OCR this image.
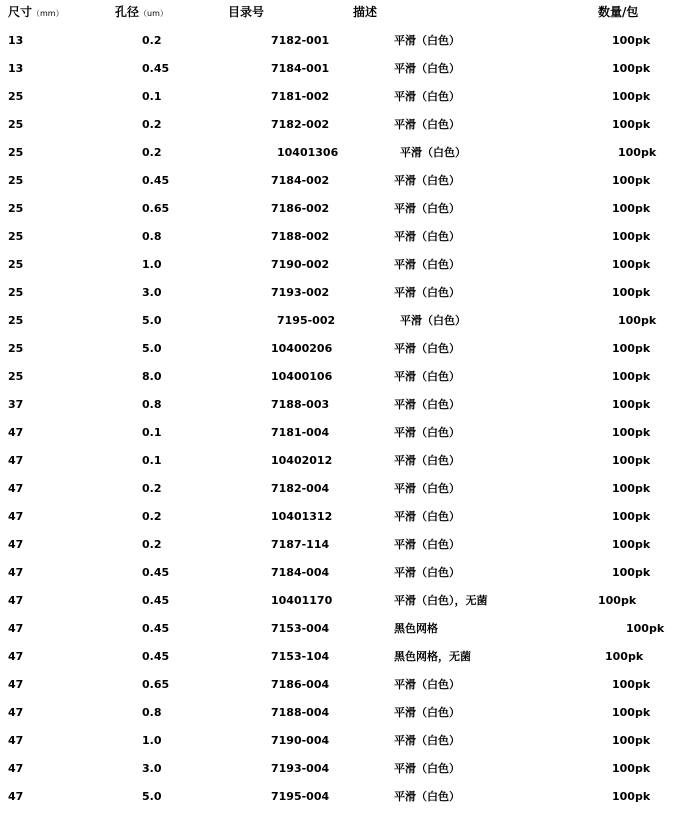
尺寸（mm）	孔径（um）	目录号	描述	数量/包
13	0.2	7182-001	平滑（白色）	100pk
13	0.45	7184-001	平滑（白色）	100pk
25	0.1	7181-002	平滑（白色）	100pk
25	0.2	7182-002	平滑（白色）	100pk
25	0.2	10401306	平滑（白色）	100pk
25	0.45	7184-002	平滑（白色）	100pk
25	0.65	7186-002	平滑（白色）	100pk
25	0.8	7188-002	平滑（白色）	100pk
25	1.0	7190-002	平滑（白色）	100pk
25	3.0	7193-002	平滑（白色）	100pk
25	5.0	7195-002	平滑（白色）	100pk
25	5.0	10400206	平滑（白色）	100pk
25	8.0	10400106	平滑（白色）	100pk
37	0.8	7188-003	平滑（白色）	100pk
47	0.1	7181-004	平滑（白色）	100pk
47	0.1	10402012	平滑（白色）	100pk
47	0.2	7182-004	平滑（白色）	100pk
47	0.2	10401312	平滑（白色）	100pk
47	0.2	7187-114	平滑（白色）	100pk
47	0.45	7184-004	平滑（白色）	100pk
47	0.45	10401170	平滑（白色），无菌	100pk
47	0.45	7153-004	黑色网格	100pk
47	0.45	7153-104	黑色网格，无菌	100pk
47	0.65	7186-004	平滑（白色）	100pk
47	0.8	7188-004	平滑（白色）	100pk
47	1.0	7190-004	平滑（白色）	100pk
47	3.0	7193-004	平滑（白色）	100pk
47	5.0	7195-004	平滑（白色）	100pk
